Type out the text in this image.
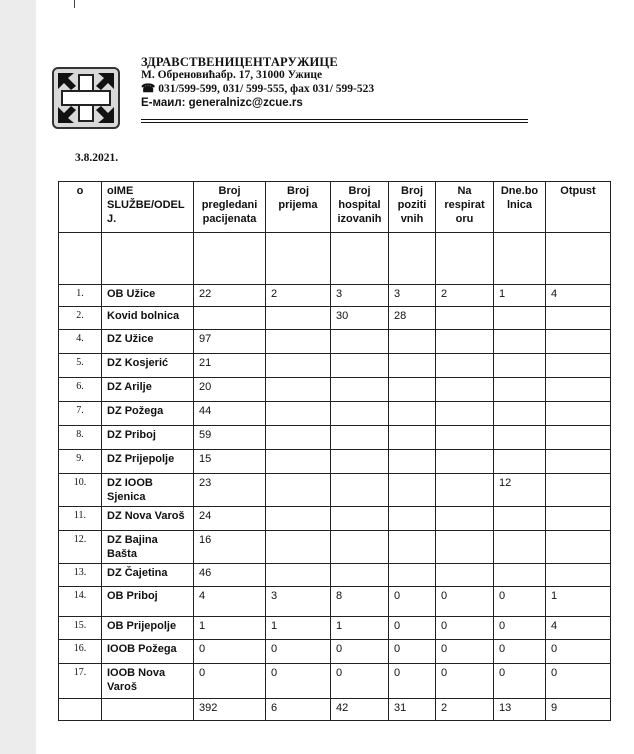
ЗДРАВСТВЕНИЦЕНТАРУЖИЦЕ
М. Обреновићабр. 17, 31000 Ужице
☎ 031/599-599, 031/ 599-555, фах 031/ 599-523
Е-маил: generalnizc@zcue.rs
3.8.2021.
o	oIME SLUŽBE/ODEL J.	Broj pregledani pacijenata	Broj prijema	Broj hospital izovanih	Broj poziti vnih	Na respirat oru	Dne.bo lnica	Otpust

1.	OB Užice	22	2	3	3	2	1	4
2.	Kovid bolnica			30	28			
4.	DZ Užice	97						
5.	DZ Kosjerić	21						
6.	DZ Arilje	20						
7.	DZ Požega	44						
8.	DZ Priboj	59						
9.	DZ Prijepolje	15						
10.	DZ IOOB Sjenica	23					12	
11.	DZ Nova Varoš	24						
12.	DZ Bajina Bašta	16						
13.	DZ Čajetina	46						
14.	OB Priboj	4	3	8	0	0	0	1
15.	OB Prijepolje	1	1	1	0	0	0	4
16.	IOOB Požega	0	0	0	0	0	0	0
17.	IOOB Nova Varoš	0	0	0	0	0	0	0
		392	6	42	31	2	13	9
